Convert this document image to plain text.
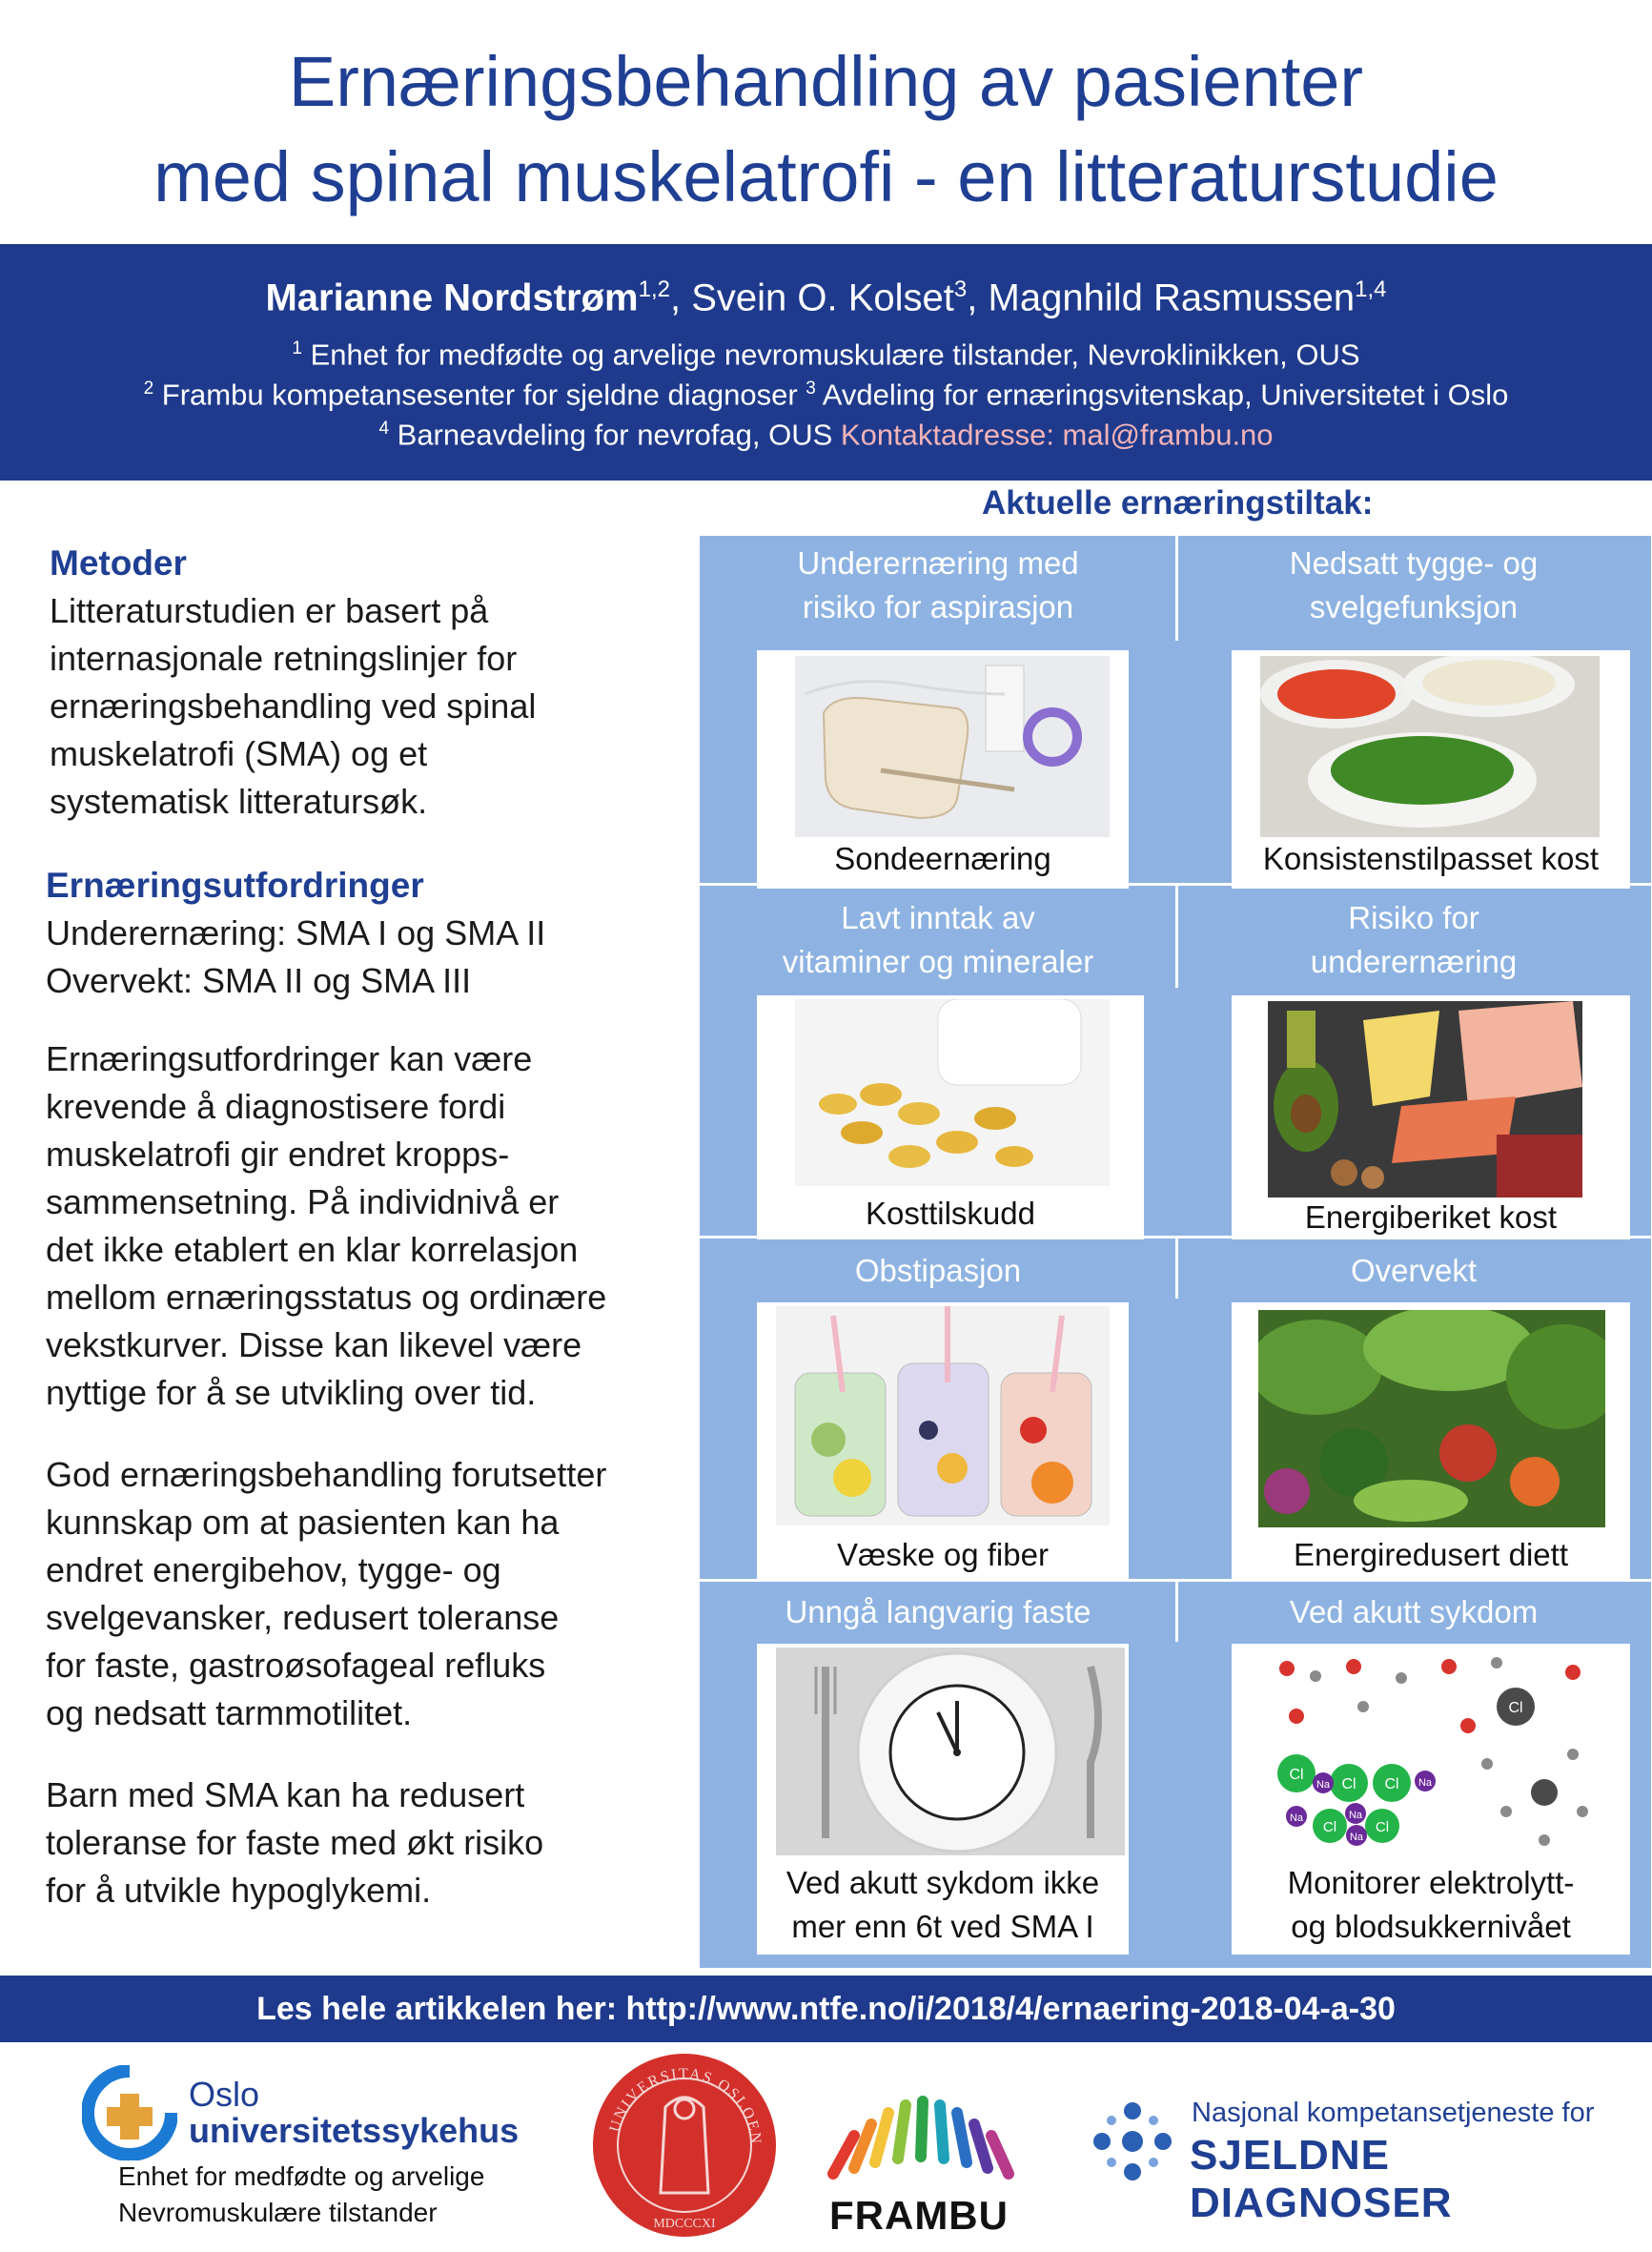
Ernæringsbehandling av pasienter
med spinal muskelatrofi - en litteraturstudie
Marianne Nordstrøm$^{1,2}$, Svein O. Kolset$^3$, Magnhild Rasmussen$^{1,4}$
$^1$ Enhet for medfødte og arvelige nevromuskulære tilstander, Nevroklinikken, OUS
$^2$ Frambu kompetansesenter for sjeldne diagnoser $^3$ Avdeling for ernæringsvitenskap, Universitetet i Oslo
$^4$ Barneavdeling for nevrofag, OUS Kontaktadresse: mal@frambu.no
Metoder
Litteraturstudien er basert på
internasjonale retningslinjer for
ernæringsbehandling ved spinal
muskelatrofi (SMA) og et
systematisk litteratursøk.
Ernæringsutfordringer
Underernæring: SMA I og SMA II
Overvekt: SMA II og SMA III
Ernæringsutfordringer kan være
krevende å diagnostisere fordi
muskelatrofi gir endret kropps-
sammensetning. På individnivå er
det ikke etablert en klar korrelasjon
mellom ernæringsstatus og ordinære
vekstkurver. Disse kan likevel være
nyttige for å se utvikling over tid.
God ernæringsbehandling forutsetter
kunnskap om at pasienten kan ha
endret energibehov, tygge- og
svelgevansker, redusert toleranse
for faste, gastroøsofageal refluks
og nedsatt tarmmotilitet.
Barn med SMA kan ha redusert
toleranse for faste med økt risiko
for å utvikle hypoglykemi.
Aktuelle ernæringstiltak:
Underernæring med
risiko for aspirasjon
Nedsatt tygge- og
svelgefunksjon
Sondeernæring	Konsistenstilpasset kost
Lavt inntak av
vitaminer og mineraler
Risiko for
underernæring
Kosttilskudd	Energiberiket kost
Obstipasjon	Overvekt
Væske og fiber	Energiredusert diett
Unngå langvarig faste	Ved akutt sykdom
Ved akutt sykdom ikke
mer enn 6t ved SMA I
Cl
Cl
Cl Cl
Cl	Cl
Na	Na
Na
Na
Na
Monitorer elektrolytt-
og blodsukkernivået
Les hele artikkelen her: http://www.ntfe.no/i/2018/4/ernaering-2018-04-a-30
Oslo
universitetssykehus
Enhet for medfødte og arvelige
Nevromuskulære tilstander
UNIVERSITAS OSLOEN
MDCCCXI	FRAMBU
Nasjonal kompetansetjeneste for
SJELDNE DIAGNOSER
